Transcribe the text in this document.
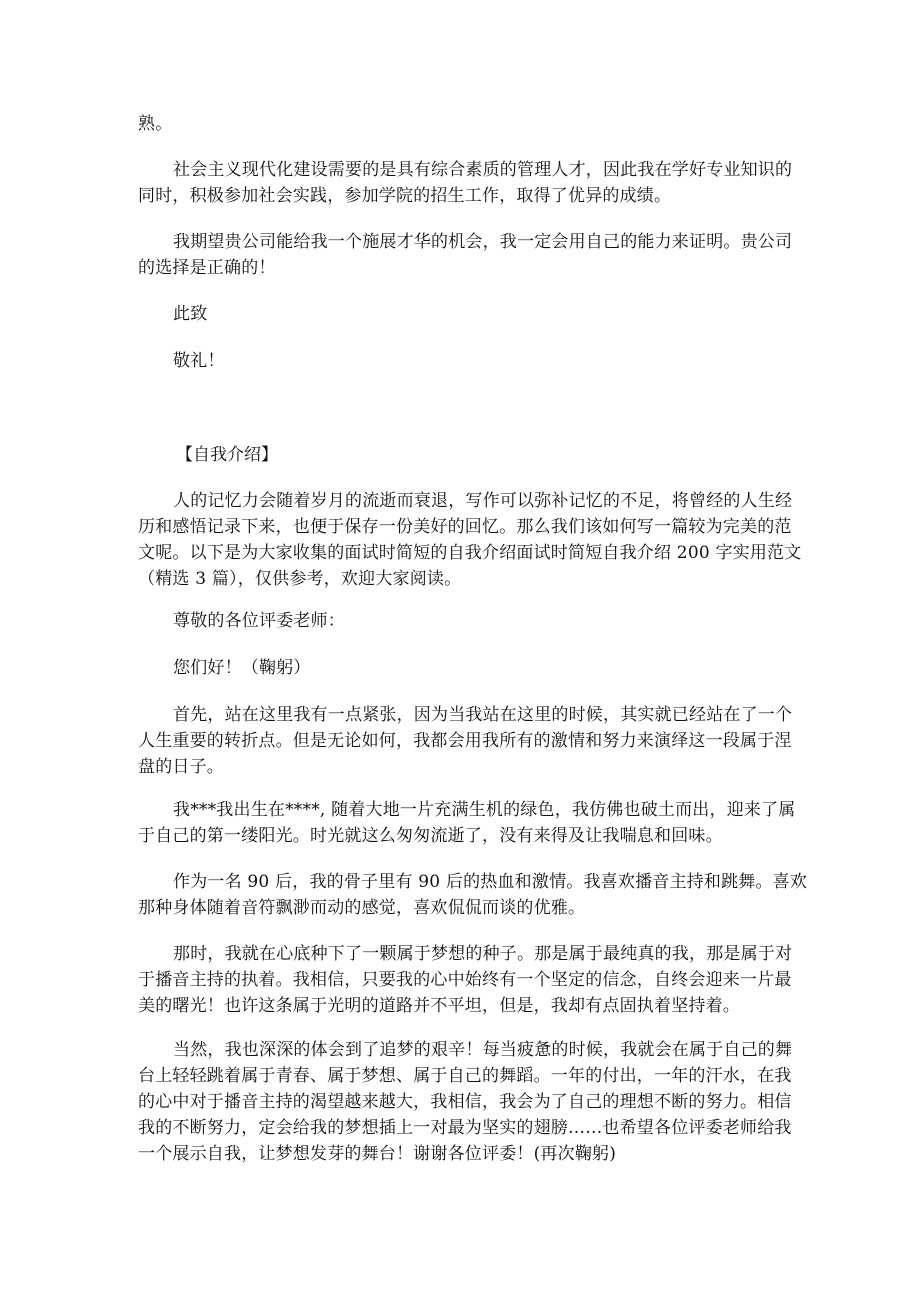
熟。
社会主义现代化建设需要的是具有综合素质的管理人才，因此我在学好专业知识的
同时，积极参加社会实践，参加学院的招生工作，取得了优异的成绩。
我期望贵公司能给我一个施展才华的机会，我一定会用自己的能力来证明。贵公司
的选择是正确的！
此致
敬礼！
【自我介绍】
人的记忆力会随着岁月的流逝而衰退，写作可以弥补记忆的不足，将曾经的人生经
历和感悟记录下来，也便于保存一份美好的回忆。那么我们该如何写一篇较为完美的范
文呢。以下是为大家收集的面试时简短的自我介绍面试时简短自我介绍 200 字实用范文
（精选 3 篇），仅供参考，欢迎大家阅读。
尊敬的各位评委老师：
您们好！（鞠躬）
首先，站在这里我有一点紧张，因为当我站在这里的时候，其实就已经站在了一个
人生重要的转折点。但是无论如何，我都会用我所有的激情和努力来演绎这一段属于涅
盘的日子。
我***我出生在****, 随着大地一片充满生机的绿色，我仿佛也破土而出，迎来了属
于自己的第一缕阳光。时光就这么匆匆流逝了，没有来得及让我喘息和回味。
作为一名 90 后，我的骨子里有 90 后的热血和激情。我喜欢播音主持和跳舞。喜欢
那种身体随着音符飘渺而动的感觉，喜欢侃侃而谈的优雅。
那时，我就在心底种下了一颗属于梦想的种子。那是属于最纯真的我，那是属于对
于播音主持的执着。我相信，只要我的心中始终有一个坚定的信念，自终会迎来一片最
美的曙光！也许这条属于光明的道路并不平坦，但是，我却有点固执着坚持着。
当然，我也深深的体会到了追梦的艰辛！每当疲惫的时候，我就会在属于自己的舞
台上轻轻跳着属于青春、属于梦想、属于自己的舞蹈。一年的付出，一年的汗水，在我
的心中对于播音主持的渴望越来越大，我相信，我会为了自己的理想不断的努力。相信
我的不断努力，定会给我的梦想插上一对最为坚实的翅膀……也希望各位评委老师给我
一个展示自我，让梦想发芽的舞台！谢谢各位评委！(再次鞠躬)
